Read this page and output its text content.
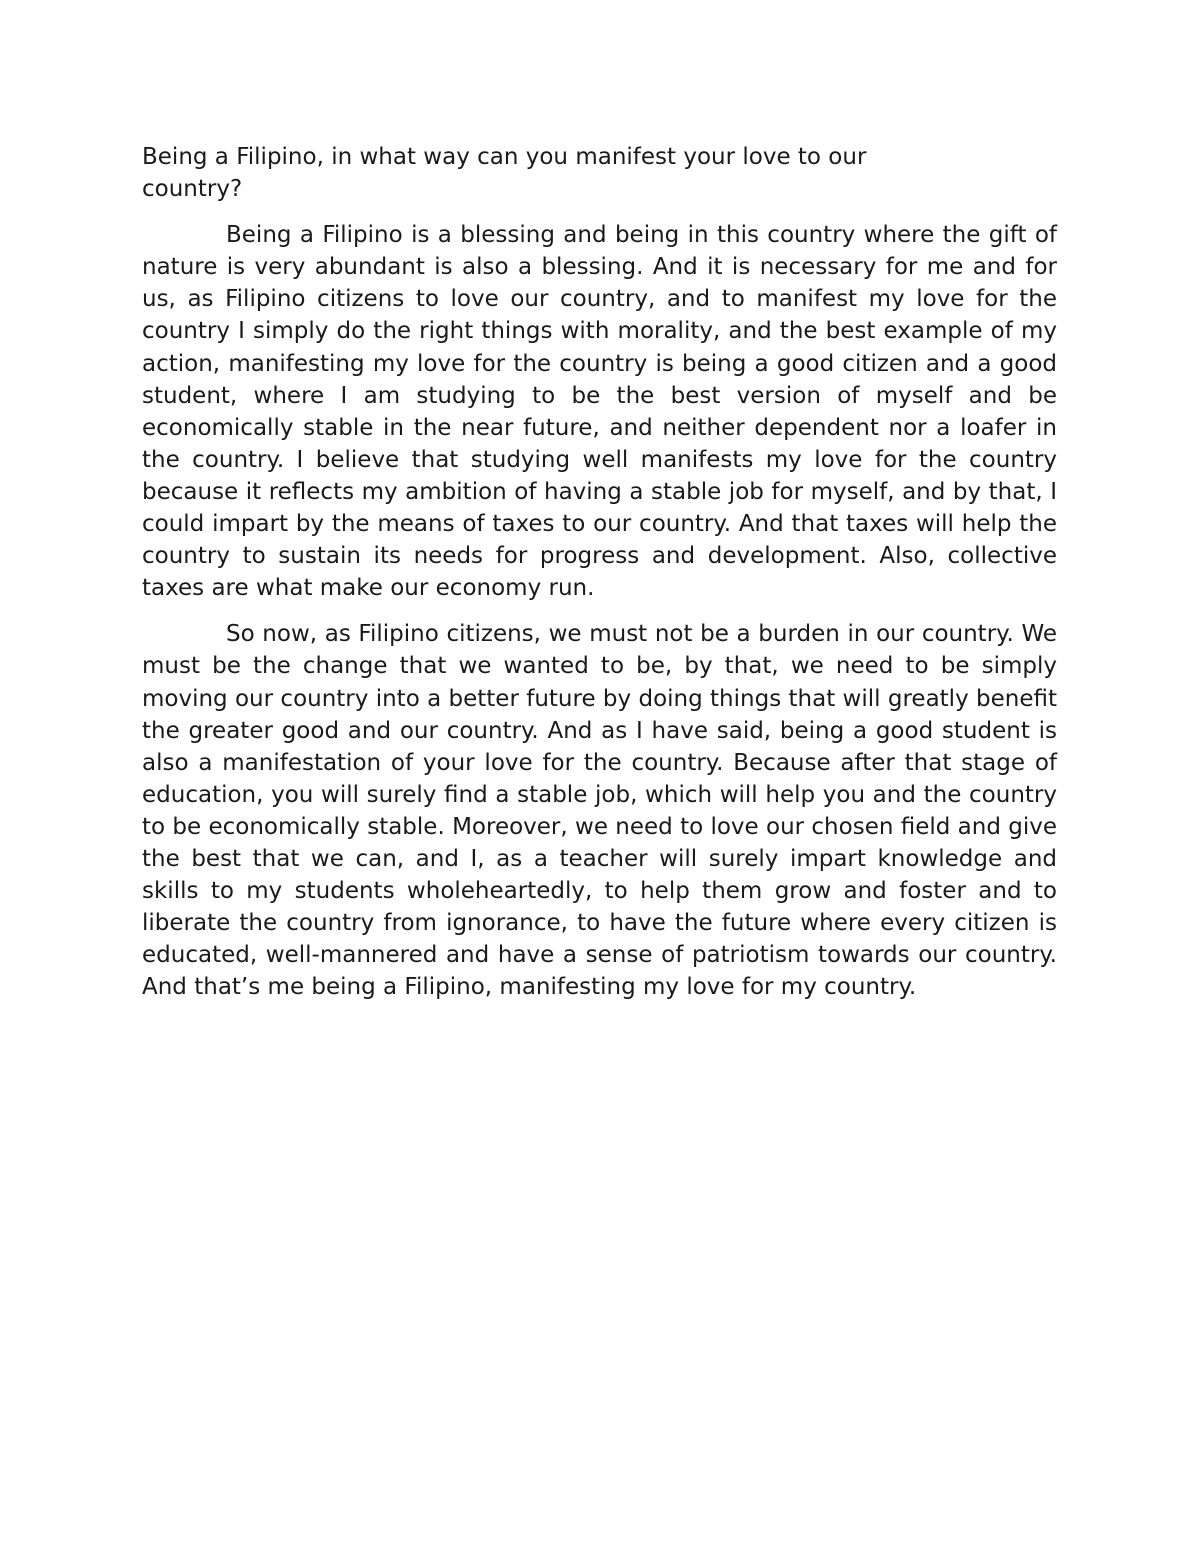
Being a Filipino, in what way can you manifest your love to our country?

Being a Filipino is a blessing and being in this country where the gift of nature is very abundant is also a blessing. And it is necessary for me and for us, as Filipino citizens to love our country, and to manifest my love for the country I simply do the right things with morality, and the best example of my action, manifesting my love for the country is being a good citizen and a good student, where I am studying to be the best version of myself and be economically stable in the near future, and neither dependent nor a loafer in the country. I believe that studying well manifests my love for the country because it reflects my ambition of having a stable job for myself, and by that, I could impart by the means of taxes to our country. And that taxes will help the country to sustain its needs for progress and development. Also, collective taxes are what make our economy run.

So now, as Filipino citizens, we must not be a burden in our country. We must be the change that we wanted to be, by that, we need to be simply moving our country into a better future by doing things that will greatly benefit the greater good and our country. And as I have said, being a good student is also a manifestation of your love for the country. Because after that stage of education, you will surely find a stable job, which will help you and the country to be economically stable. Moreover, we need to love our chosen field and give the best that we can, and I, as a teacher will surely impart knowledge and skills to my students wholeheartedly, to help them grow and foster and to liberate the country from ignorance, to have the future where every citizen is educated, well-mannered and have a sense of patriotism towards our country. And that’s me being a Filipino, manifesting my love for my country.
